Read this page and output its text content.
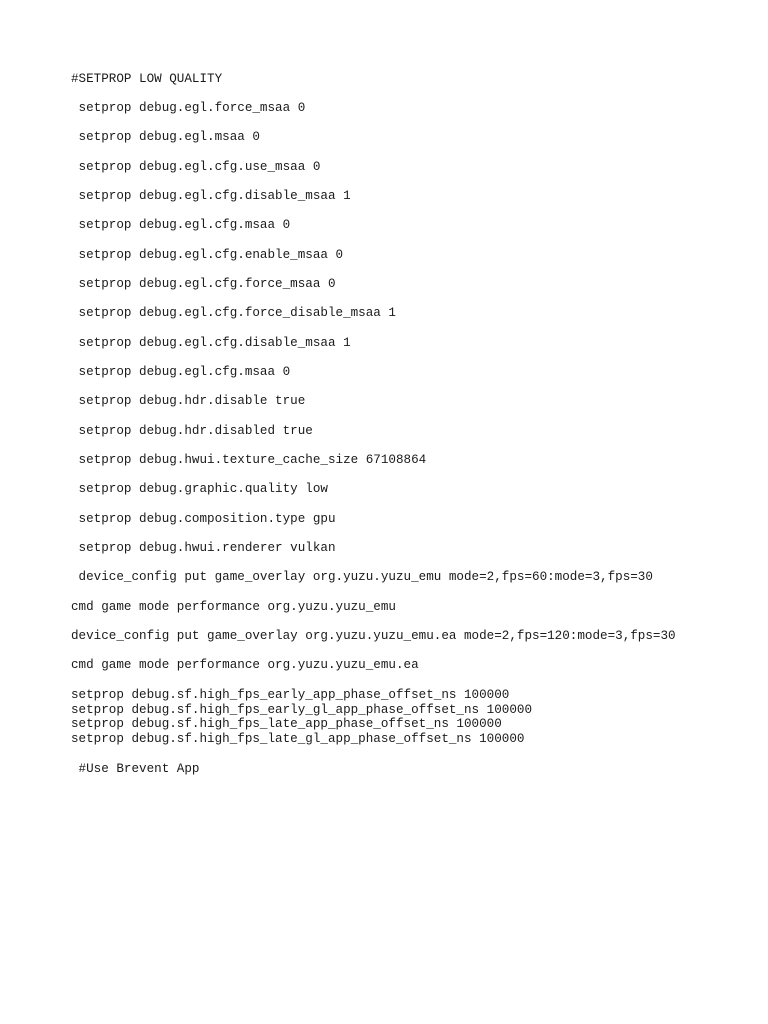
#SETPROP LOW QUALITY

setprop debug.egl.force_msaa 0

setprop debug.egl.msaa 0

setprop debug.egl.cfg.use_msaa 0

setprop debug.egl.cfg.disable_msaa 1

setprop debug.egl.cfg.msaa 0

setprop debug.egl.cfg.enable_msaa 0

setprop debug.egl.cfg.force_msaa 0

setprop debug.egl.cfg.force_disable_msaa 1

setprop debug.egl.cfg.disable_msaa 1

setprop debug.egl.cfg.msaa 0

setprop debug.hdr.disable true

setprop debug.hdr.disabled true

setprop debug.hwui.texture_cache_size 67108864

setprop debug.graphic.quality low

setprop debug.composition.type gpu

setprop debug.hwui.renderer vulkan

device_config put game_overlay org.yuzu.yuzu_emu mode=2,fps=60:mode=3,fps=30

cmd game mode performance org.yuzu.yuzu_emu

device_config put game_overlay org.yuzu.yuzu_emu.ea mode=2,fps=120:mode=3,fps=30

cmd game mode performance org.yuzu.yuzu_emu.ea

setprop debug.sf.high_fps_early_app_phase_offset_ns 100000

setprop debug.sf.high_fps_early_gl_app_phase_offset_ns 100000

setprop debug.sf.high_fps_late_app_phase_offset_ns 100000

setprop debug.sf.high_fps_late_gl_app_phase_offset_ns 100000

#Use Brevent App
